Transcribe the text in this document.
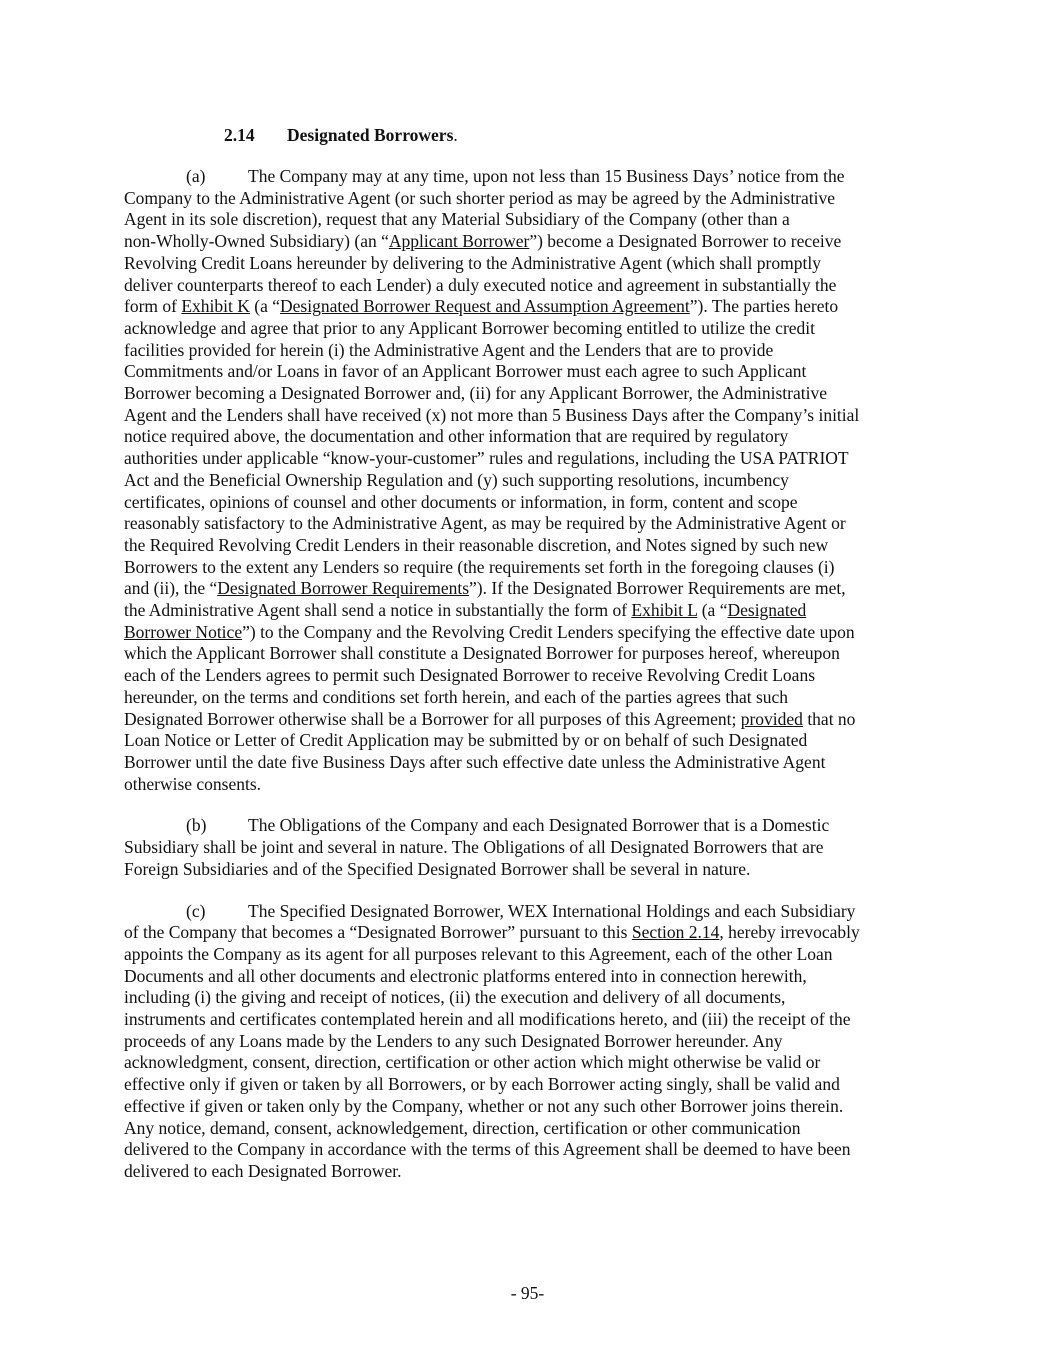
2.14 Designated Borrowers.
(a) The Company may at any time, upon not less than 15 Business Days’ notice from the
Company to the Administrative Agent (or such shorter period as may be agreed by the Administrative
Agent in its sole discretion), request that any Material Subsidiary of the Company (other than a
non-Wholly-Owned Subsidiary) (an “Applicant Borrower”) become a Designated Borrower to receive
Revolving Credit Loans hereunder by delivering to the Administrative Agent (which shall promptly
deliver counterparts thereof to each Lender) a duly executed notice and agreement in substantially the
form of Exhibit K (a “Designated Borrower Request and Assumption Agreement”). The parties hereto
acknowledge and agree that prior to any Applicant Borrower becoming entitled to utilize the credit
facilities provided for herein (i) the Administrative Agent and the Lenders that are to provide
Commitments and/or Loans in favor of an Applicant Borrower must each agree to such Applicant
Borrower becoming a Designated Borrower and, (ii) for any Applicant Borrower, the Administrative
Agent and the Lenders shall have received (x) not more than 5 Business Days after the Company’s initial
notice required above, the documentation and other information that are required by regulatory
authorities under applicable “know-your-customer” rules and regulations, including the USA PATRIOT
Act and the Beneficial Ownership Regulation and (y) such supporting resolutions, incumbency
certificates, opinions of counsel and other documents or information, in form, content and scope
reasonably satisfactory to the Administrative Agent, as may be required by the Administrative Agent or
the Required Revolving Credit Lenders in their reasonable discretion, and Notes signed by such new
Borrowers to the extent any Lenders so require (the requirements set forth in the foregoing clauses (i)
and (ii), the “Designated Borrower Requirements”). If the Designated Borrower Requirements are met,
the Administrative Agent shall send a notice in substantially the form of Exhibit L (a “Designated
Borrower Notice”) to the Company and the Revolving Credit Lenders specifying the effective date upon
which the Applicant Borrower shall constitute a Designated Borrower for purposes hereof, whereupon
each of the Lenders agrees to permit such Designated Borrower to receive Revolving Credit Loans
hereunder, on the terms and conditions set forth herein, and each of the parties agrees that such
Designated Borrower otherwise shall be a Borrower for all purposes of this Agreement; provided that no
Loan Notice or Letter of Credit Application may be submitted by or on behalf of such Designated
Borrower until the date five Business Days after such effective date unless the Administrative Agent
otherwise consents.
(b) The Obligations of the Company and each Designated Borrower that is a Domestic
Subsidiary shall be joint and several in nature. The Obligations of all Designated Borrowers that are
Foreign Subsidiaries and of the Specified Designated Borrower shall be several in nature.
(c) The Specified Designated Borrower, WEX International Holdings and each Subsidiary
of the Company that becomes a “Designated Borrower” pursuant to this Section 2.14, hereby irrevocably
appoints the Company as its agent for all purposes relevant to this Agreement, each of the other Loan
Documents and all other documents and electronic platforms entered into in connection herewith,
including (i) the giving and receipt of notices, (ii) the execution and delivery of all documents,
instruments and certificates contemplated herein and all modifications hereto, and (iii) the receipt of the
proceeds of any Loans made by the Lenders to any such Designated Borrower hereunder. Any
acknowledgment, consent, direction, certification or other action which might otherwise be valid or
effective only if given or taken by all Borrowers, or by each Borrower acting singly, shall be valid and
effective if given or taken only by the Company, whether or not any such other Borrower joins therein.
Any notice, demand, consent, acknowledgement, direction, certification or other communication
delivered to the Company in accordance with the terms of this Agreement shall be deemed to have been
delivered to each Designated Borrower.
- 95-
